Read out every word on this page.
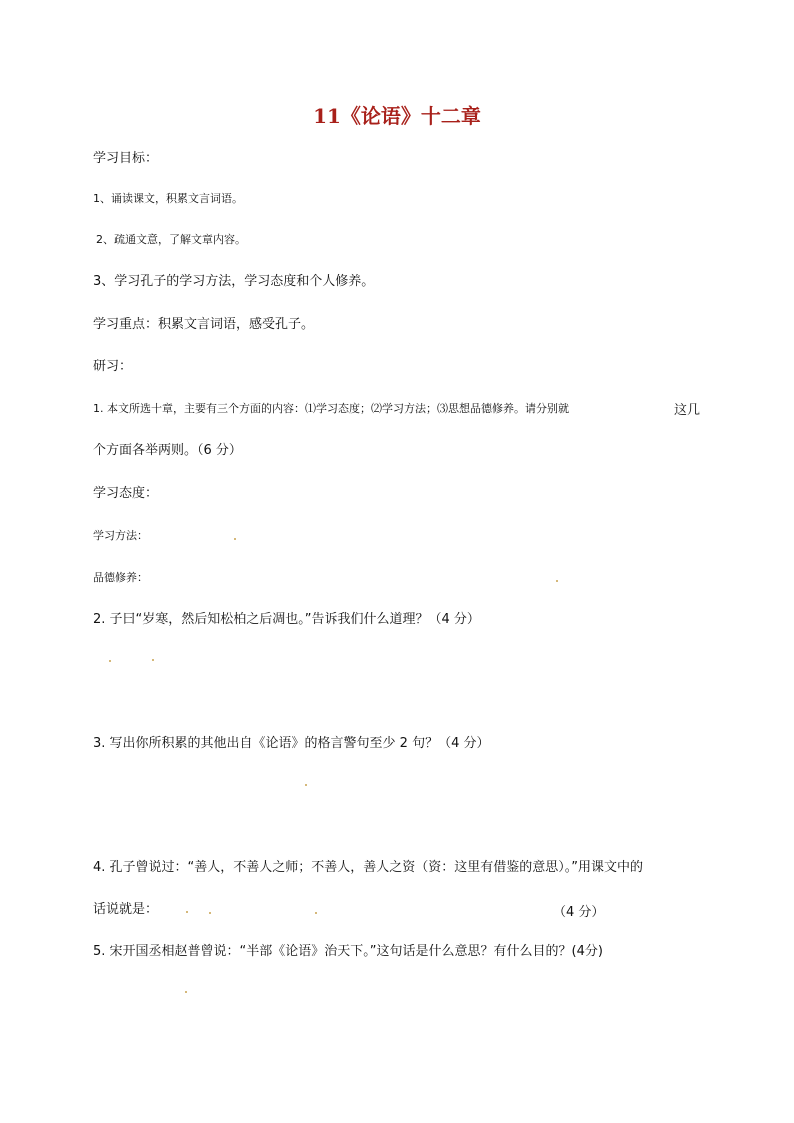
11《论语》十二章
学习目标：
1、诵读课文，积累文言词语。
2、疏通文意，了解文章内容。
3、学习孔子的学习方法，学习态度和个人修养。
学习重点：积累文言词语，感受孔子。
研习：
1. 本文所选十章，主要有三个方面的内容：⑴学习态度；⑵学习方法；⑶思想品德修养。请分别就	这几
个方面各举两则。（6 分）
学习态度：
学习方法：
品德修养：
2. 子曰“岁寒，然后知松柏之后凋也。”告诉我们什么道理？（4 分）
3. 写出你所积累的其他出自《论语》的格言警句至少 2 句？（4 分）
4. 孔子曾说过：“善人，不善人之师；不善人，善人之资（资：这里有借鉴的意思）。”用课文中的
话说就是：	（4 分）
5. 宋开国丞相赵普曾说：“半部《论语》治天下。”这句话是什么意思？有什么目的？(4分)
